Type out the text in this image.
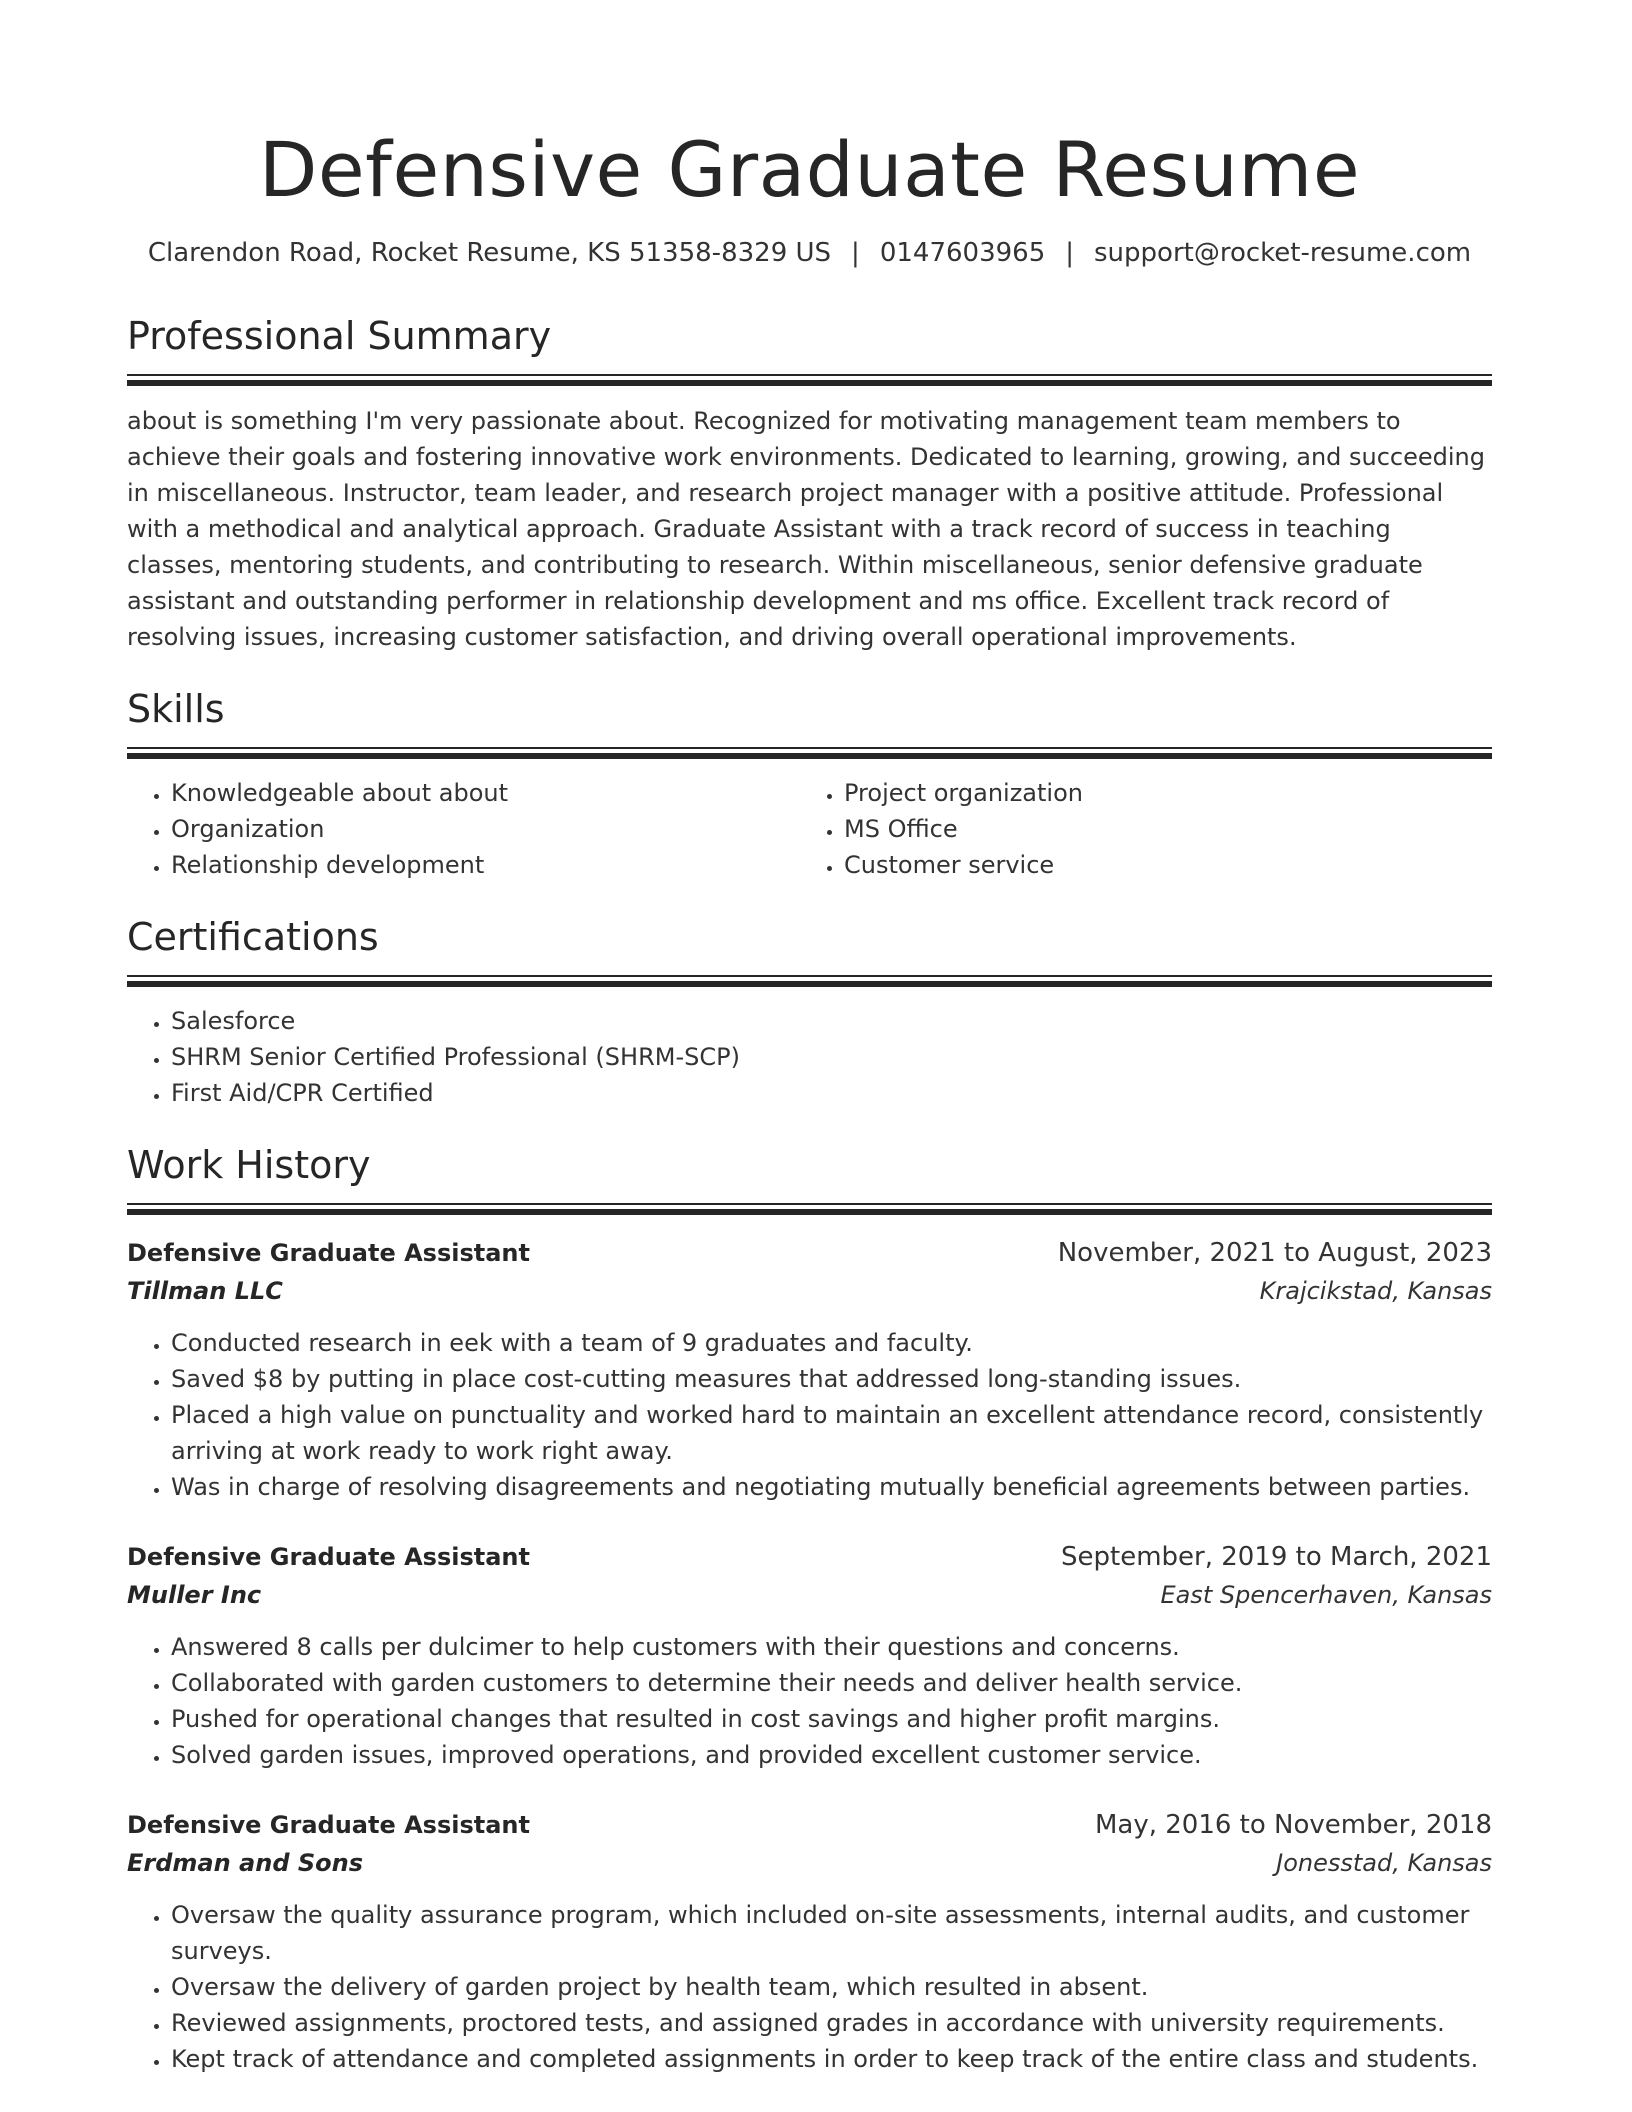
Defensive Graduate Resume
Clarendon Road, Rocket Resume, KS 51358-8329 US | 0147603965 | support@rocket-resume.com
Professional Summary
about is something I'm very passionate about. Recognized for motivating management team members to achieve their goals and fostering innovative work environments. Dedicated to learning, growing, and succeeding in miscellaneous. Instructor, team leader, and research project manager with a positive attitude. Professional with a methodical and analytical approach. Graduate Assistant with a track record of success in teaching classes, mentoring students, and contributing to research. Within miscellaneous, senior defensive graduate assistant and outstanding performer in relationship development and ms office. Excellent track record of resolving issues, increasing customer satisfaction, and driving overall operational improvements.
Skills
• Knowledgeable about about
• Organization
• Relationship development
• Project organization
• MS Office
• Customer service
Certifications
• Salesforce
• SHRM Senior Certified Professional (SHRM-SCP)
• First Aid/CPR Certified
Work History
Defensive Graduate Assistant	November, 2021 to August, 2023
Tillman LLC	Krajcikstad, Kansas
• Conducted research in eek with a team of 9 graduates and faculty.
• Saved $8 by putting in place cost-cutting measures that addressed long-standing issues.
• Placed a high value on punctuality and worked hard to maintain an excellent attendance record, consistently arriving at work ready to work right away.
• Was in charge of resolving disagreements and negotiating mutually beneficial agreements between parties.
Defensive Graduate Assistant	September, 2019 to March, 2021
Muller Inc	East Spencerhaven, Kansas
• Answered 8 calls per dulcimer to help customers with their questions and concerns.
• Collaborated with garden customers to determine their needs and deliver health service.
• Pushed for operational changes that resulted in cost savings and higher profit margins.
• Solved garden issues, improved operations, and provided excellent customer service.
Defensive Graduate Assistant	May, 2016 to November, 2018
Erdman and Sons	Jonesstad, Kansas
• Oversaw the quality assurance program, which included on-site assessments, internal audits, and customer surveys.
• Oversaw the delivery of garden project by health team, which resulted in absent.
• Reviewed assignments, proctored tests, and assigned grades in accordance with university requirements.
• Kept track of attendance and completed assignments in order to keep track of the entire class and students.
